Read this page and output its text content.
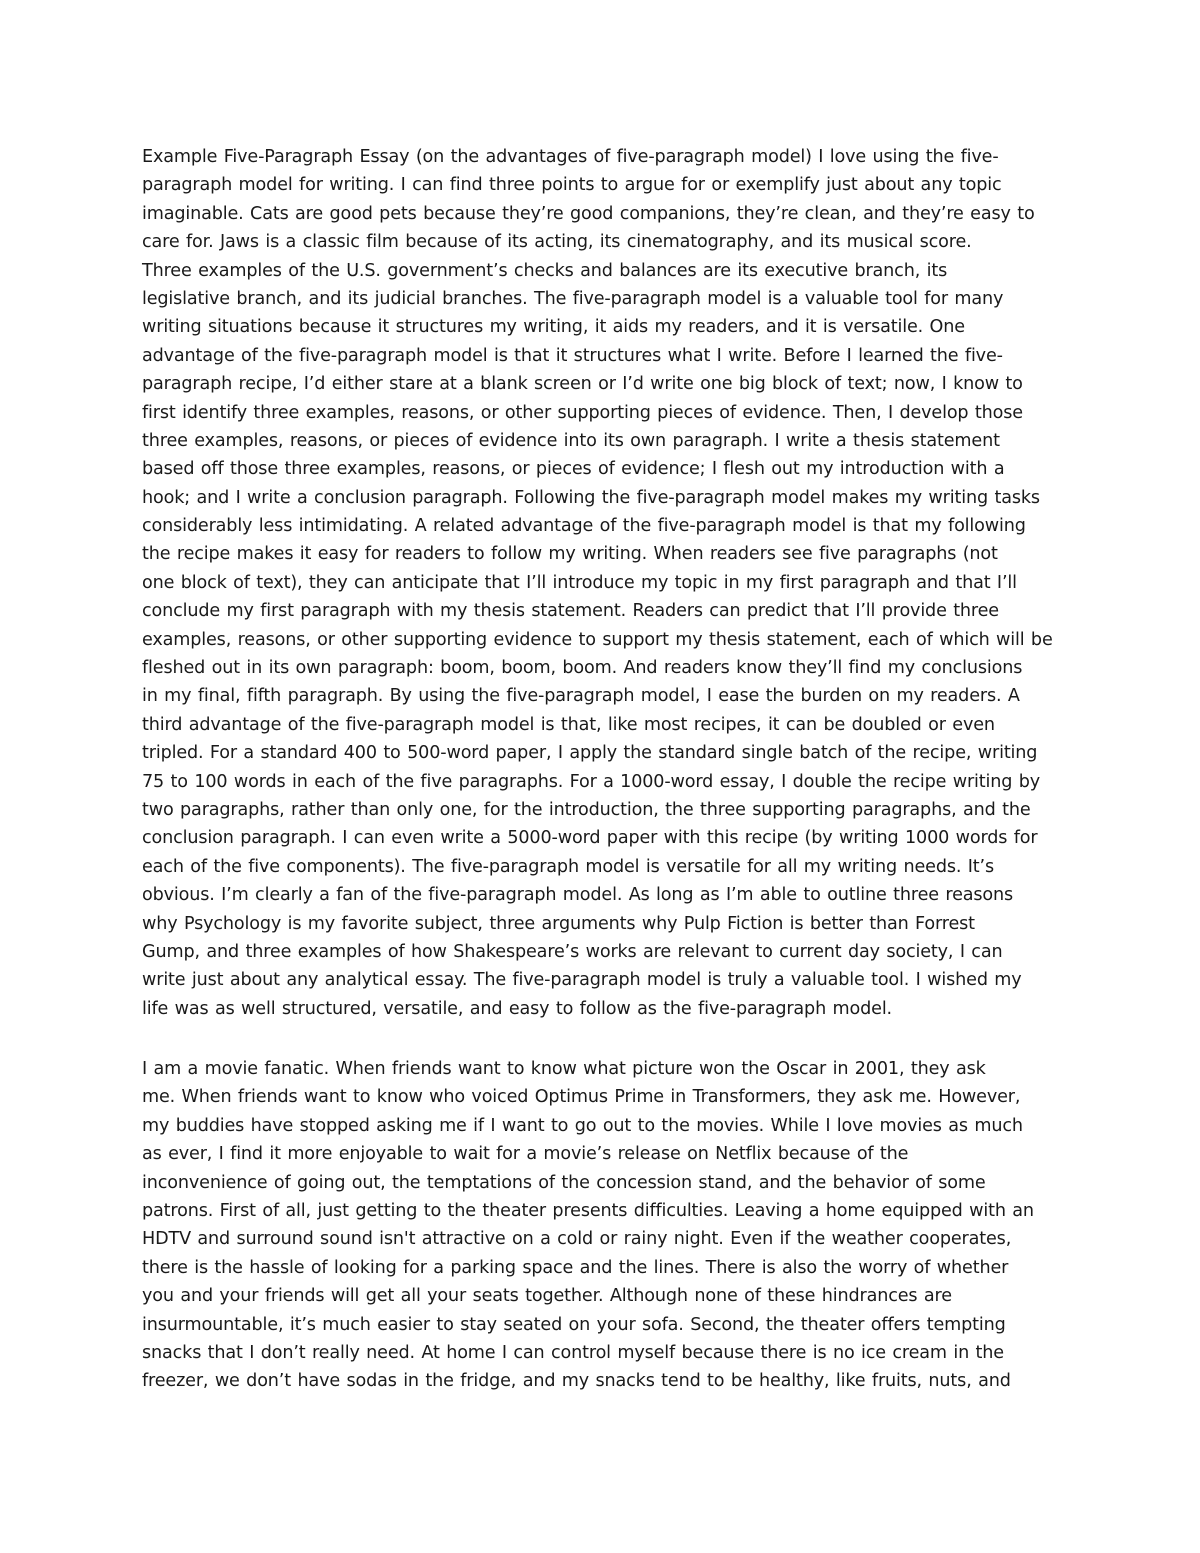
Example Five-Paragraph Essay (on the advantages of five-paragraph model) I love using the five-
paragraph model for writing. I can find three points to argue for or exemplify just about any topic
imaginable. Cats are good pets because they’re good companions, they’re clean, and they’re easy to
care for. Jaws is a classic film because of its acting, its cinematography, and its musical score.
Three examples of the U.S. government’s checks and balances are its executive branch, its
legislative branch, and its judicial branches. The five-paragraph model is a valuable tool for many
writing situations because it structures my writing, it aids my readers, and it is versatile. One
advantage of the five-paragraph model is that it structures what I write. Before I learned the five-
paragraph recipe, I’d either stare at a blank screen or I’d write one big block of text; now, I know to
first identify three examples, reasons, or other supporting pieces of evidence. Then, I develop those
three examples, reasons, or pieces of evidence into its own paragraph. I write a thesis statement
based off those three examples, reasons, or pieces of evidence; I flesh out my introduction with a
hook; and I write a conclusion paragraph. Following the five-paragraph model makes my writing tasks
considerably less intimidating. A related advantage of the five-paragraph model is that my following
the recipe makes it easy for readers to follow my writing. When readers see five paragraphs (not
one block of text), they can anticipate that I’ll introduce my topic in my first paragraph and that I’ll
conclude my first paragraph with my thesis statement. Readers can predict that I’ll provide three
examples, reasons, or other supporting evidence to support my thesis statement, each of which will be
fleshed out in its own paragraph: boom, boom, boom. And readers know they’ll find my conclusions
in my final, fifth paragraph. By using the five-paragraph model, I ease the burden on my readers. A
third advantage of the five-paragraph model is that, like most recipes, it can be doubled or even
tripled. For a standard 400 to 500-word paper, I apply the standard single batch of the recipe, writing
75 to 100 words in each of the five paragraphs. For a 1000-word essay, I double the recipe writing by
two paragraphs, rather than only one, for the introduction, the three supporting paragraphs, and the
conclusion paragraph. I can even write a 5000-word paper with this recipe (by writing 1000 words for
each of the five components). The five-paragraph model is versatile for all my writing needs. It’s
obvious. I’m clearly a fan of the five-paragraph model. As long as I’m able to outline three reasons
why Psychology is my favorite subject, three arguments why Pulp Fiction is better than Forrest
Gump, and three examples of how Shakespeare’s works are relevant to current day society, I can
write just about any analytical essay. The five-paragraph model is truly a valuable tool. I wished my
life was as well structured, versatile, and easy to follow as the five-paragraph model.
I am a movie fanatic. When friends want to know what picture won the Oscar in 2001, they ask
me. When friends want to know who voiced Optimus Prime in Transformers, they ask me. However,
my buddies have stopped asking me if I want to go out to the movies. While I love movies as much
as ever, I find it more enjoyable to wait for a movie’s release on Netflix because of the
inconvenience of going out, the temptations of the concession stand, and the behavior of some
patrons. First of all, just getting to the theater presents difficulties. Leaving a home equipped with an
HDTV and surround sound isn't attractive on a cold or rainy night. Even if the weather cooperates,
there is the hassle of looking for a parking space and the lines. There is also the worry of whether
you and your friends will get all your seats together. Although none of these hindrances are
insurmountable, it’s much easier to stay seated on your sofa. Second, the theater offers tempting
snacks that I don’t really need. At home I can control myself because there is no ice cream in the
freezer, we don’t have sodas in the fridge, and my snacks tend to be healthy, like fruits, nuts, and
